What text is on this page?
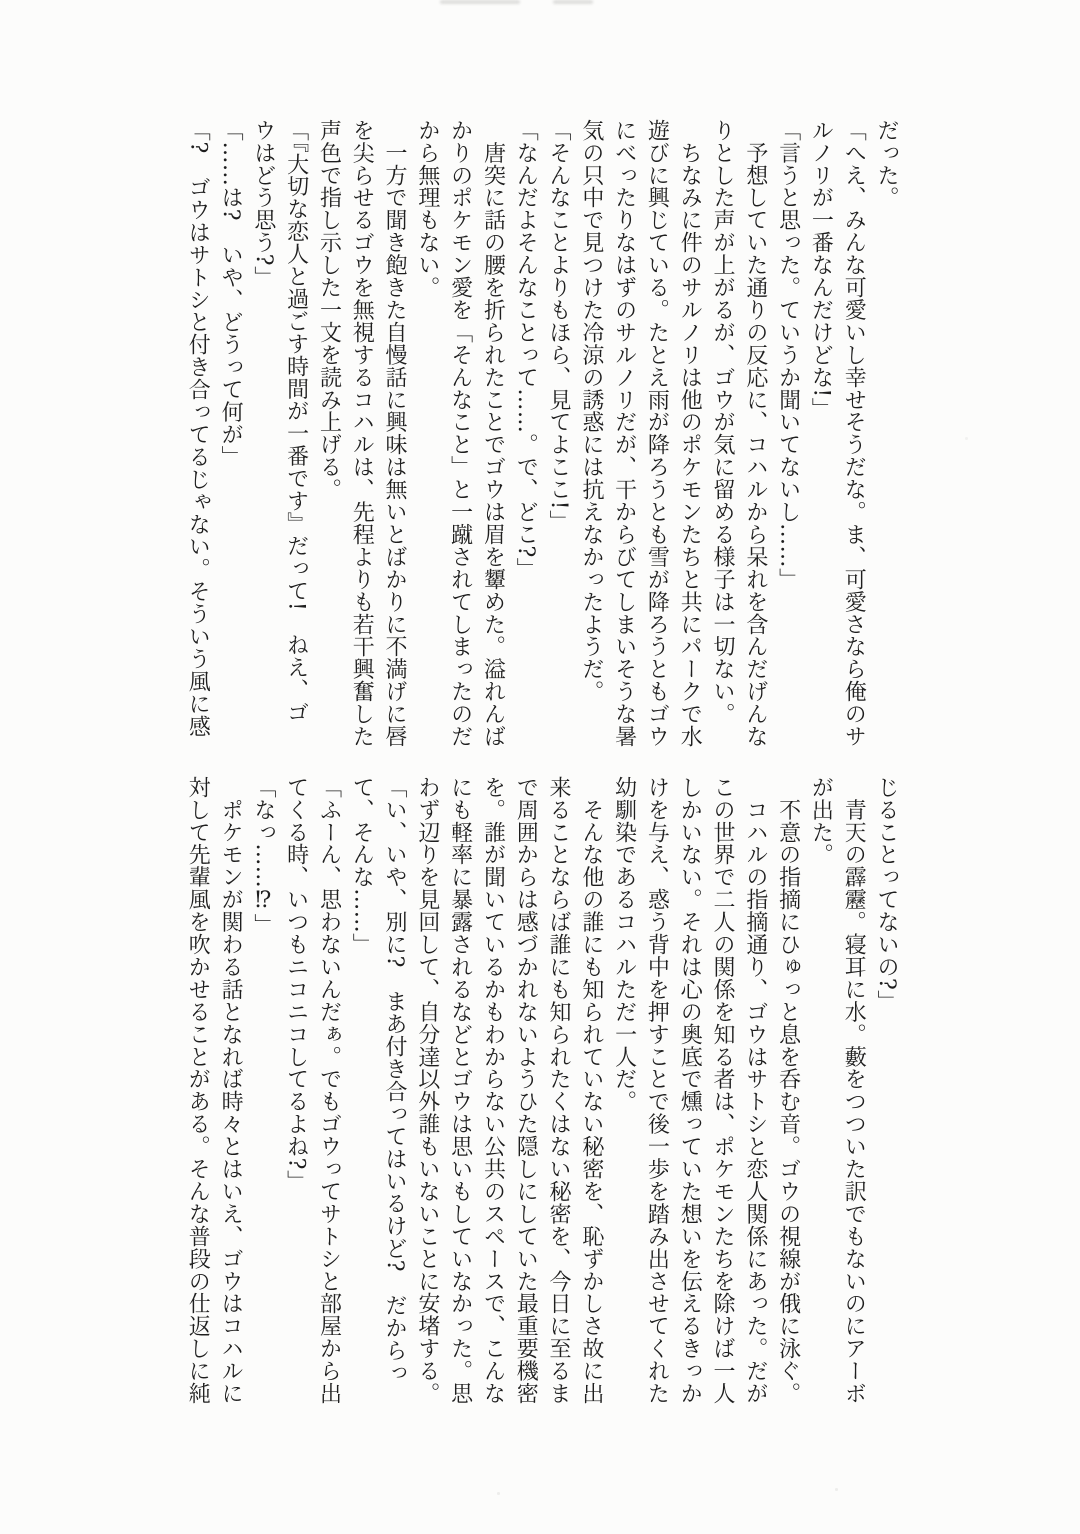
だった。

「へえ、みんな可愛いし幸せそうだな。ま、可愛さなら俺のサ

ルノリが一番なんだけどな!」

「言うと思った。ていうか聞いてないし……」

　予想していた通りの反応に、コハルから呆れを含んだげんな

りとした声が上がるが、ゴウが気に留める様子は一切ない。

　ちなみに件のサルノリは他のポケモンたちと共にパークで水

遊びに興じている。たとえ雨が降ろうとも雪が降ろうともゴウ

にべったりなはずのサルノリだが、干からびてしまいそうな暑

気の只中で見つけた冷涼の誘惑には抗えなかったようだ。

「そんなことよりもほら、見てよここ!」

「なんだよそんなことって……。で、どこ?」

　唐突に話の腰を折られたことでゴウは眉を顰めた。溢れんば

かりのポケモン愛を「そんなこと」と一蹴されてしまったのだ

から無理もない。

　一方で聞き飽きた自慢話に興味は無いとばかりに不満げに唇

を尖らせるゴウを無視するコハルは、先程よりも若干興奮した

声色で指し示した一文を読み上げる。

「『大切な恋人と過ごす時間が一番です』だって!　ねえ、ゴ

ウはどう思う?」

「……は?　いや、どうって何が」

「?　ゴウはサトシと付き合ってるじゃない。そういう風に感

じることってないの?」

　青天の霹靂。寝耳に水。藪をつついた訳でもないのにアーボ

が出た。

　不意の指摘にひゅっと息を呑む音。ゴウの視線が俄に泳ぐ。

　コハルの指摘通り、ゴウはサトシと恋人関係にあった。だが

この世界で二人の関係を知る者は、ポケモンたちを除けば一人

しかいない。それは心の奥底で燻っていた想いを伝えるきっか

けを与え、惑う背中を押すことで後一歩を踏み出させてくれた

幼馴染であるコハルただ一人だ。

　そんな他の誰にも知られていない秘密を、恥ずかしさ故に出

来ることならば誰にも知られたくはない秘密を、今日に至るま

で周囲からは感づかれないようひた隠しにしていた最重要機密

を。誰が聞いているかもわからない公共のスペースで、こんな

にも軽率に暴露されるなどとゴウは思いもしていなかった。思

わず辺りを見回して、自分達以外誰もいないことに安堵する。

「い、いや、別に?　まあ付き合ってはいるけど?　だからっ

て、そんな……」

「ふーん、思わないんだぁ。でもゴウってサトシと部屋から出

てくる時、いつもニコニコしてるよね?」

「なっ……⁉」

　ポケモンが関わる話となれば時々とはいえ、ゴウはコハルに

対して先輩風を吹かせることがある。そんな普段の仕返しに純
